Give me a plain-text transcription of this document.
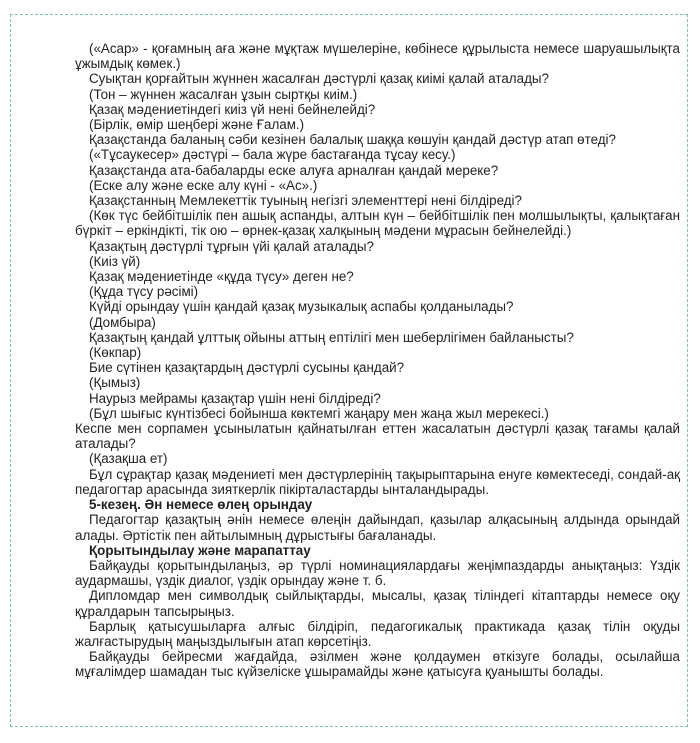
(«Асар» - қоғамның аға және мұқтаж мүшелеріне, көбінесе құрылыста немесе шаруашылықта ұжымдық көмек.)

Суықтан қорғайтын жүннен жасалған дәстүрлі қазақ киімі қалай аталады?

(Тон – жүннен жасалған ұзын сыртқы киім.)

Қазақ мәдениетіндегі киіз үй нені бейнелейді?

(Бірлік, өмір шеңбері және Ғалам.)

Қазақстанда баланың сәби кезінен балалық шаққа көшуін қандай дәстүр атап өтеді?

(«Тұсаукесер» дәстүрі – бала жүре бастағанда тұсау кесу.)

Қазақстанда ата-бабаларды еске алуға арналған қандай мереке?

(Еске алу және еске алу күні - «Ас».)

Қазақстанның Мемлекеттік туының негізгі элементтері нені білдіреді?

(Көк түс бейбітшілік пен ашық аспанды, алтын күн – бейбітшілік пен молшылықты, қалықтаған бүркіт – еркіндікті, тік ою – өрнек-қазақ халқының мәдени мұрасын бейнелейді.)

Қазақтың дәстүрлі тұрғын үйі қалай аталады?

(Киіз үй)

Қазақ мәдениетінде «құда түсу» деген не?

(Құда түсу рәсімі)

Күйді орындау үшін қандай қазақ музыкалық аспабы қолданылады?

(Домбыра)

Қазақтың қандай ұлттық ойыны аттың ептілігі мен шеберлігімен байланысты?

(Көкпар)

Бие сүтінен қазақтардың дәстүрлі сусыны қандай?

(Қымыз)

Наурыз мейрамы қазақтар үшін нені білдіреді?

(Бұл шығыс күнтізбесі бойынша көктемгі жаңару мен жаңа жыл мерекесі.)

Кеспе мен сорпамен ұсынылатын қайнатылған еттен жасалатын дәстүрлі қазақ тағамы қалай аталады?

(Қазақша ет)

Бұл сұрақтар қазақ мәдениеті мен дәстүрлерінің тақырыптарына енуге көмектеседі, сондай-ақ педагогтар арасында зияткерлік пікірталастарды ынталандырады.

5-кезең. Ән немесе өлең орындау

Педагогтар қазақтың әнін немесе өлеңін дайындап, қазылар алқасының алдында орындай алады. Әртістік пен айтылымның дұрыстығы бағаланады.

Қорытындылау және марапаттау

Байқауды қорытындылаңыз, әр түрлі номинациялардағы жеңімпаздарды анықтаңыз: Үздік аудармашы, үздік диалог, үздік орындау және т. б.

Дипломдар мен символдық сыйлықтарды, мысалы, қазақ тіліндегі кітаптарды немесе оқу құралдарын тапсырыңыз.

Барлық қатысушыларға алғыс білдіріп, педагогикалық практикада қазақ тілін оқуды жалғастырудың маңыздылығын атап көрсетіңіз.

Байқауды бейресми жағдайда, әзілмен және қолдаумен өткізуге болады, осылайша мұғалімдер шамадан тыс күйзеліске ұшырамайды және қатысуға қуанышты болады.
